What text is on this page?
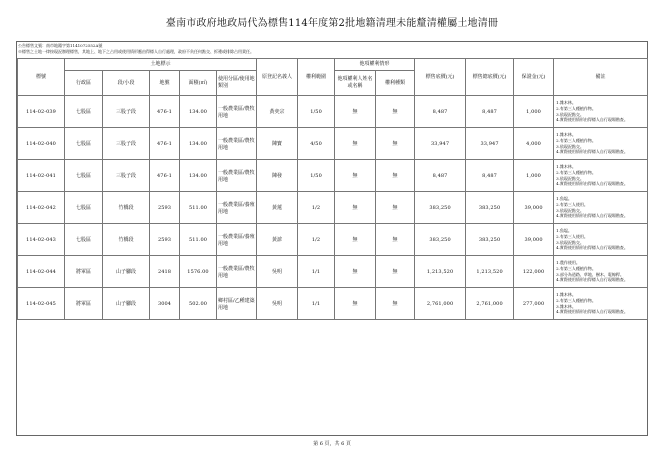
臺南市政府地政局代為標售114年度第2批地籍清理未能釐清權屬土地清冊
公告標售文號：南市地籍字第1141072552A號
※標售之土地一律按現況辦理標售，其地上、地下之占用或使用情形應由得標人自行處理，政府不負任何點交、拆遷或排除占用責任。
標號	土地標示					原登記名義人	權利範圍	他項權利情形		標售底價(元)	標售總底價(元)	保證金(元)	備註
	行政區	段/小段	地號	面積(㎡)	使用分區/使用地類別			他項權利人姓名或名稱	權利種類				
114-02-039	七股區	三股子段	476-1	134.00	一般農業區/農牧用地	黃奕宗	1/50	無	無	8,487	8,487	1,000	1.雜木林。
2.有第三人種植作物。
3.依現況點交。
4.實際使用情形由得標人自行現場勘查。

114-02-040	七股區	三股子段	476-1	134.00	一般農業區/農牧用地	陳寶	4/50	無	無	33,947	33,947	4,000	1.雜木林。
2.有第三人種植作物。
3.依現況點交。
4.實際使用情形由得標人自行現場勘查。

114-02-041	七股區	三股子段	476-1	134.00	一般農業區/農牧用地	陳發	1/50	無	無	8,487	8,487	1,000	1.雜木林。
2.有第三人種植作物。
3.依現況點交。
4.實際使用情形由得標人自行現場勘查。

114-02-042	七股區	竹橋段	2593	511.00	一般農業區/養殖用地	黃蓮	1/2	無	無	383,250	383,250	39,000	1.魚塭。
2.有第三人使用。
3.依現況點交。
4.實際使用情形由得標人自行現場勘查。

114-02-043	七股區	竹橋段	2593	511.00	一般農業區/養殖用地	黃諺	1/2	無	無	383,250	383,250	39,000	1.魚塭。
2.有第三人使用。
3.依現況點交。
4.實際使用情形由得標人自行現場勘查。

114-02-044	將軍區	山子腳段	2418	1576.00	一般農業區/農牧用地	吳明	1/1	無	無	1,213,520	1,213,520	122,000	1.農作使用。
2.有第三人種植作物。
3.部分為道路、草地、樹木、電線桿。
4.實際使用情形由得標人自行現場勘查。

114-02-045	將軍區	山子腳段	3004	502.00	鄉村區/乙種建築用地	吳明	1/1	無	無	2,761,000	2,761,000	277,000	1.雜木林。
2.有第三人種植作物。
3.雜木林。
4.實際使用情形由得標人自行現場勘查。
第 6 頁，共 6 頁
